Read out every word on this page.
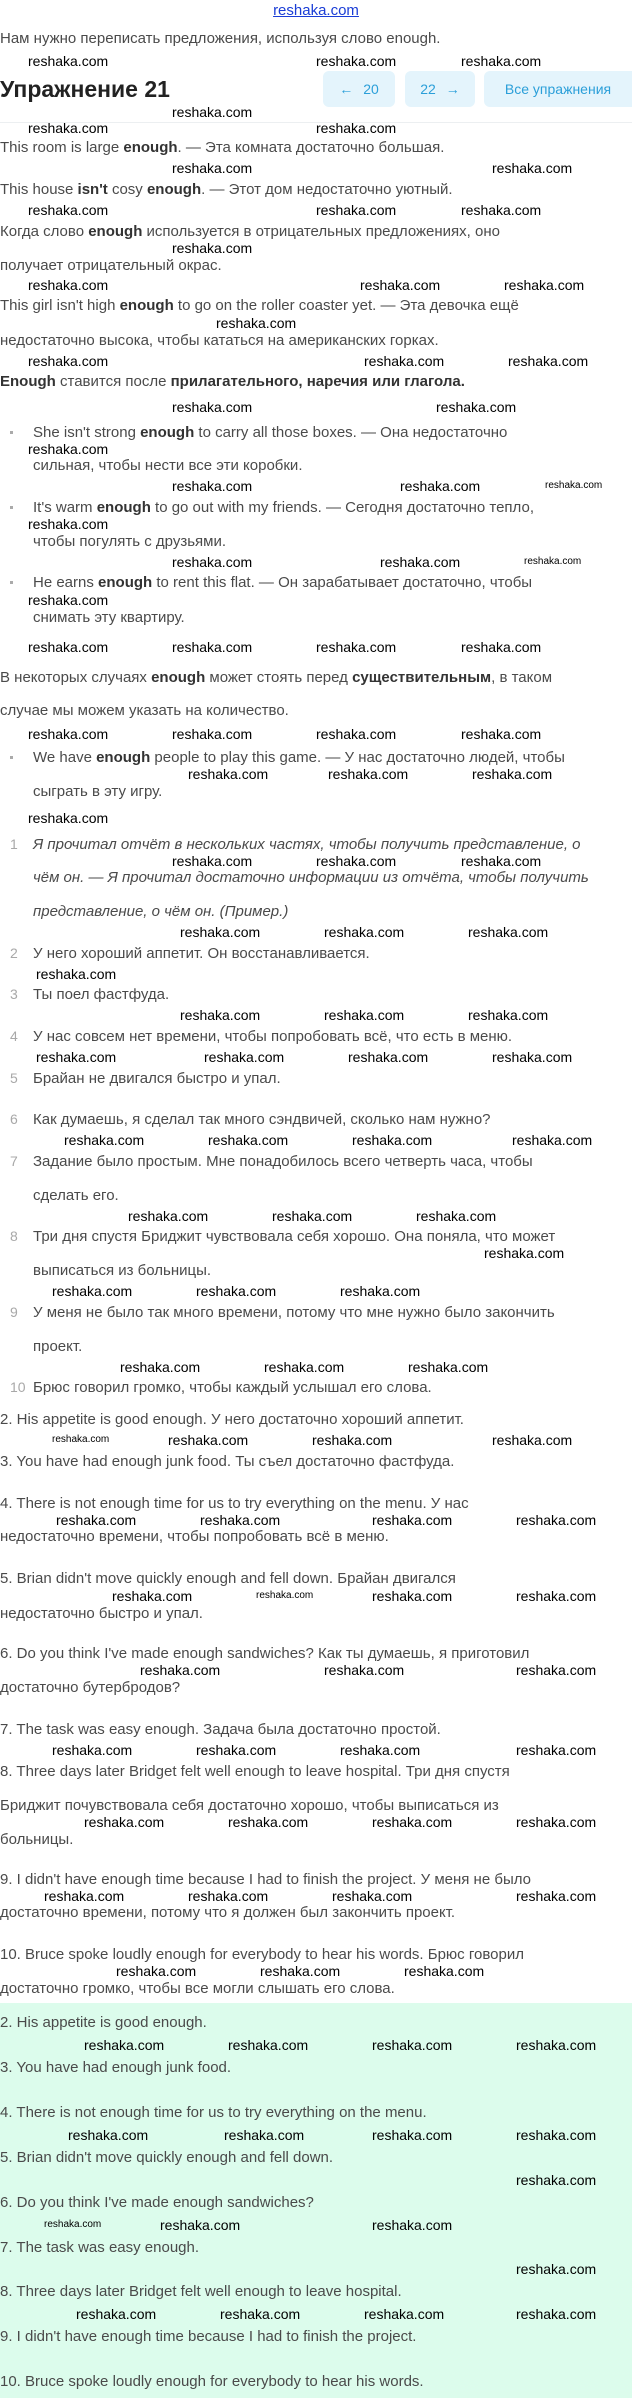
reshaka.com
Нам нужно переписать предложения, используя слово enough.
Упражнение 21	← 20	22 →	Все упражнения
This room is large enough. — Эта комната достаточно большая.
This house isn't cosy enough. — Этот дом недостаточно уютный.
Когда слово enough используется в отрицательных предложениях, оно
получает отрицательный окрас.
This girl isn't high enough to go on the roller coaster yet. — Эта девочка ещё
недостаточно высока, чтобы кататься на американских горках.
Enough ставится после прилагательного, наречия или глагола.
She isn't strong enough to carry all those boxes. — Она недостаточно
сильная, чтобы нести все эти коробки.
It's warm enough to go out with my friends. — Сегодня достаточно тепло,
чтобы погулять с друзьями.
He earns enough to rent this flat. — Он зарабатывает достаточно, чтобы
снимать эту квартиру.
В некоторых случаях enough может стоять перед существительным, в таком
случае мы можем указать на количество.
We have enough people to play this game. — У нас достаточно людей, чтобы
сыграть в эту игру.
1 Я прочитал отчёт в нескольких частях, чтобы получить представление, о
чём он. — Я прочитал достаточно информации из отчёта, чтобы получить
представление, о чём он. (Пример.)
2 У него хороший аппетит. Он восстанавливается.
3 Ты поел фастфуда.
4 У нас совсем нет времени, чтобы попробовать всё, что есть в меню.
5 Брайан не двигался быстро и упал.
6 Как думаешь, я сделал так много сэндвичей, сколько нам нужно?
7 Задание было простым. Мне понадобилось всего четверть часа, чтобы
сделать его.
8 Три дня спустя Бриджит чувствовала себя хорошо. Она поняла, что может
выписаться из больницы.
9 У меня не было так много времени, потому что мне нужно было закончить
проект.
10 Брюс говорил громко, чтобы каждый услышал его слова.
2. His appetite is good enough. У него достаточно хороший аппетит.
3. You have had enough junk food. Ты съел достаточно фастфуда.
4. There is not enough time for us to try everything on the menu. У нас
недостаточно времени, чтобы попробовать всё в меню.
5. Brian didn't move quickly enough and fell down. Брайан двигался
недостаточно быстро и упал.
6. Do you think I've made enough sandwiches? Как ты думаешь, я приготовил
достаточно бутербродов?
7. The task was easy enough. Задача была достаточно простой.
8. Three days later Bridget felt well enough to leave hospital. Три дня спустя
Бриджит почувствовала себя достаточно хорошо, чтобы выписаться из
больницы.
9. I didn't have enough time because I had to finish the project. У меня не было
достаточно времени, потому что я должен был закончить проект.
10. Bruce spoke loudly enough for everybody to hear his words. Брюс говорил
достаточно громко, чтобы все могли слышать его слова.
2. His appetite is good enough.
3. You have had enough junk food.
4. There is not enough time for us to try everything on the menu.
5. Brian didn't move quickly enough and fell down.
6. Do you think I've made enough sandwiches?
7. The task was easy enough.
8. Three days later Bridget felt well enough to leave hospital.
9. I didn't have enough time because I had to finish the project.
10. Bruce spoke loudly enough for everybody to hear his words.
reshaka.com	reshaka.com	reshaka.com
reshaka.com
reshaka.com	reshaka.com
reshaka.com
reshaka.com
reshaka.com	reshaka.com	reshaka.com
reshaka.com
reshaka.com	reshaka.com	reshaka.com
reshaka.com
reshaka.com	reshaka.com	reshaka.com
reshaka.com	reshaka.com
reshaka.com
reshaka.com	reshaka.com	reshaka.com
reshaka.com
reshaka.com	reshaka.com	reshaka.com
reshaka.com
reshaka.com	reshaka.com	reshaka.com
reshaka.com
reshaka.com	reshaka.com	reshaka.com
reshaka.com
reshaka.com	reshaka.com	reshaka.com
reshaka.com
reshaka.com	reshaka.com	reshaka.com
reshaka.com	reshaka.com	reshaka.com
reshaka.com
reshaka.com	reshaka.com	reshaka.com
reshaka.com	reshaka.com	reshaka.com	reshaka.com
reshaka.com	reshaka.com
reshaka.com	reshaka.com
reshaka.com
reshaka.com	reshaka.com
reshaka.com
reshaka.com
reshaka.com
reshaka.com
reshaka.com
reshaka.com
reshaka.com
reshaka.com	reshaka.com	reshaka.com
reshaka.com
reshaka.com	reshaka.com	reshaka.com	reshaka.com
reshaka.com	reshaka.com	reshaka.com	reshaka.com
reshaka.com	reshaka.com	reshaka.com
reshaka.com
reshaka.com	reshaka.com	reshaka.com
reshaka.com	reshaka.com	reshaka.com	reshaka.com
reshaka.com	reshaka.com	reshaka.com	reshaka.com
reshaka.com	reshaka.com	reshaka.com
reshaka.com	reshaka.com	reshaka.com	reshaka.com
reshaka.com	reshaka.com	reshaka.com	reshaka.com
reshaka.com
reshaka.com	reshaka.com	reshaka.com
reshaka.com
reshaka.com	reshaka.com	reshaka.com	reshaka.com
